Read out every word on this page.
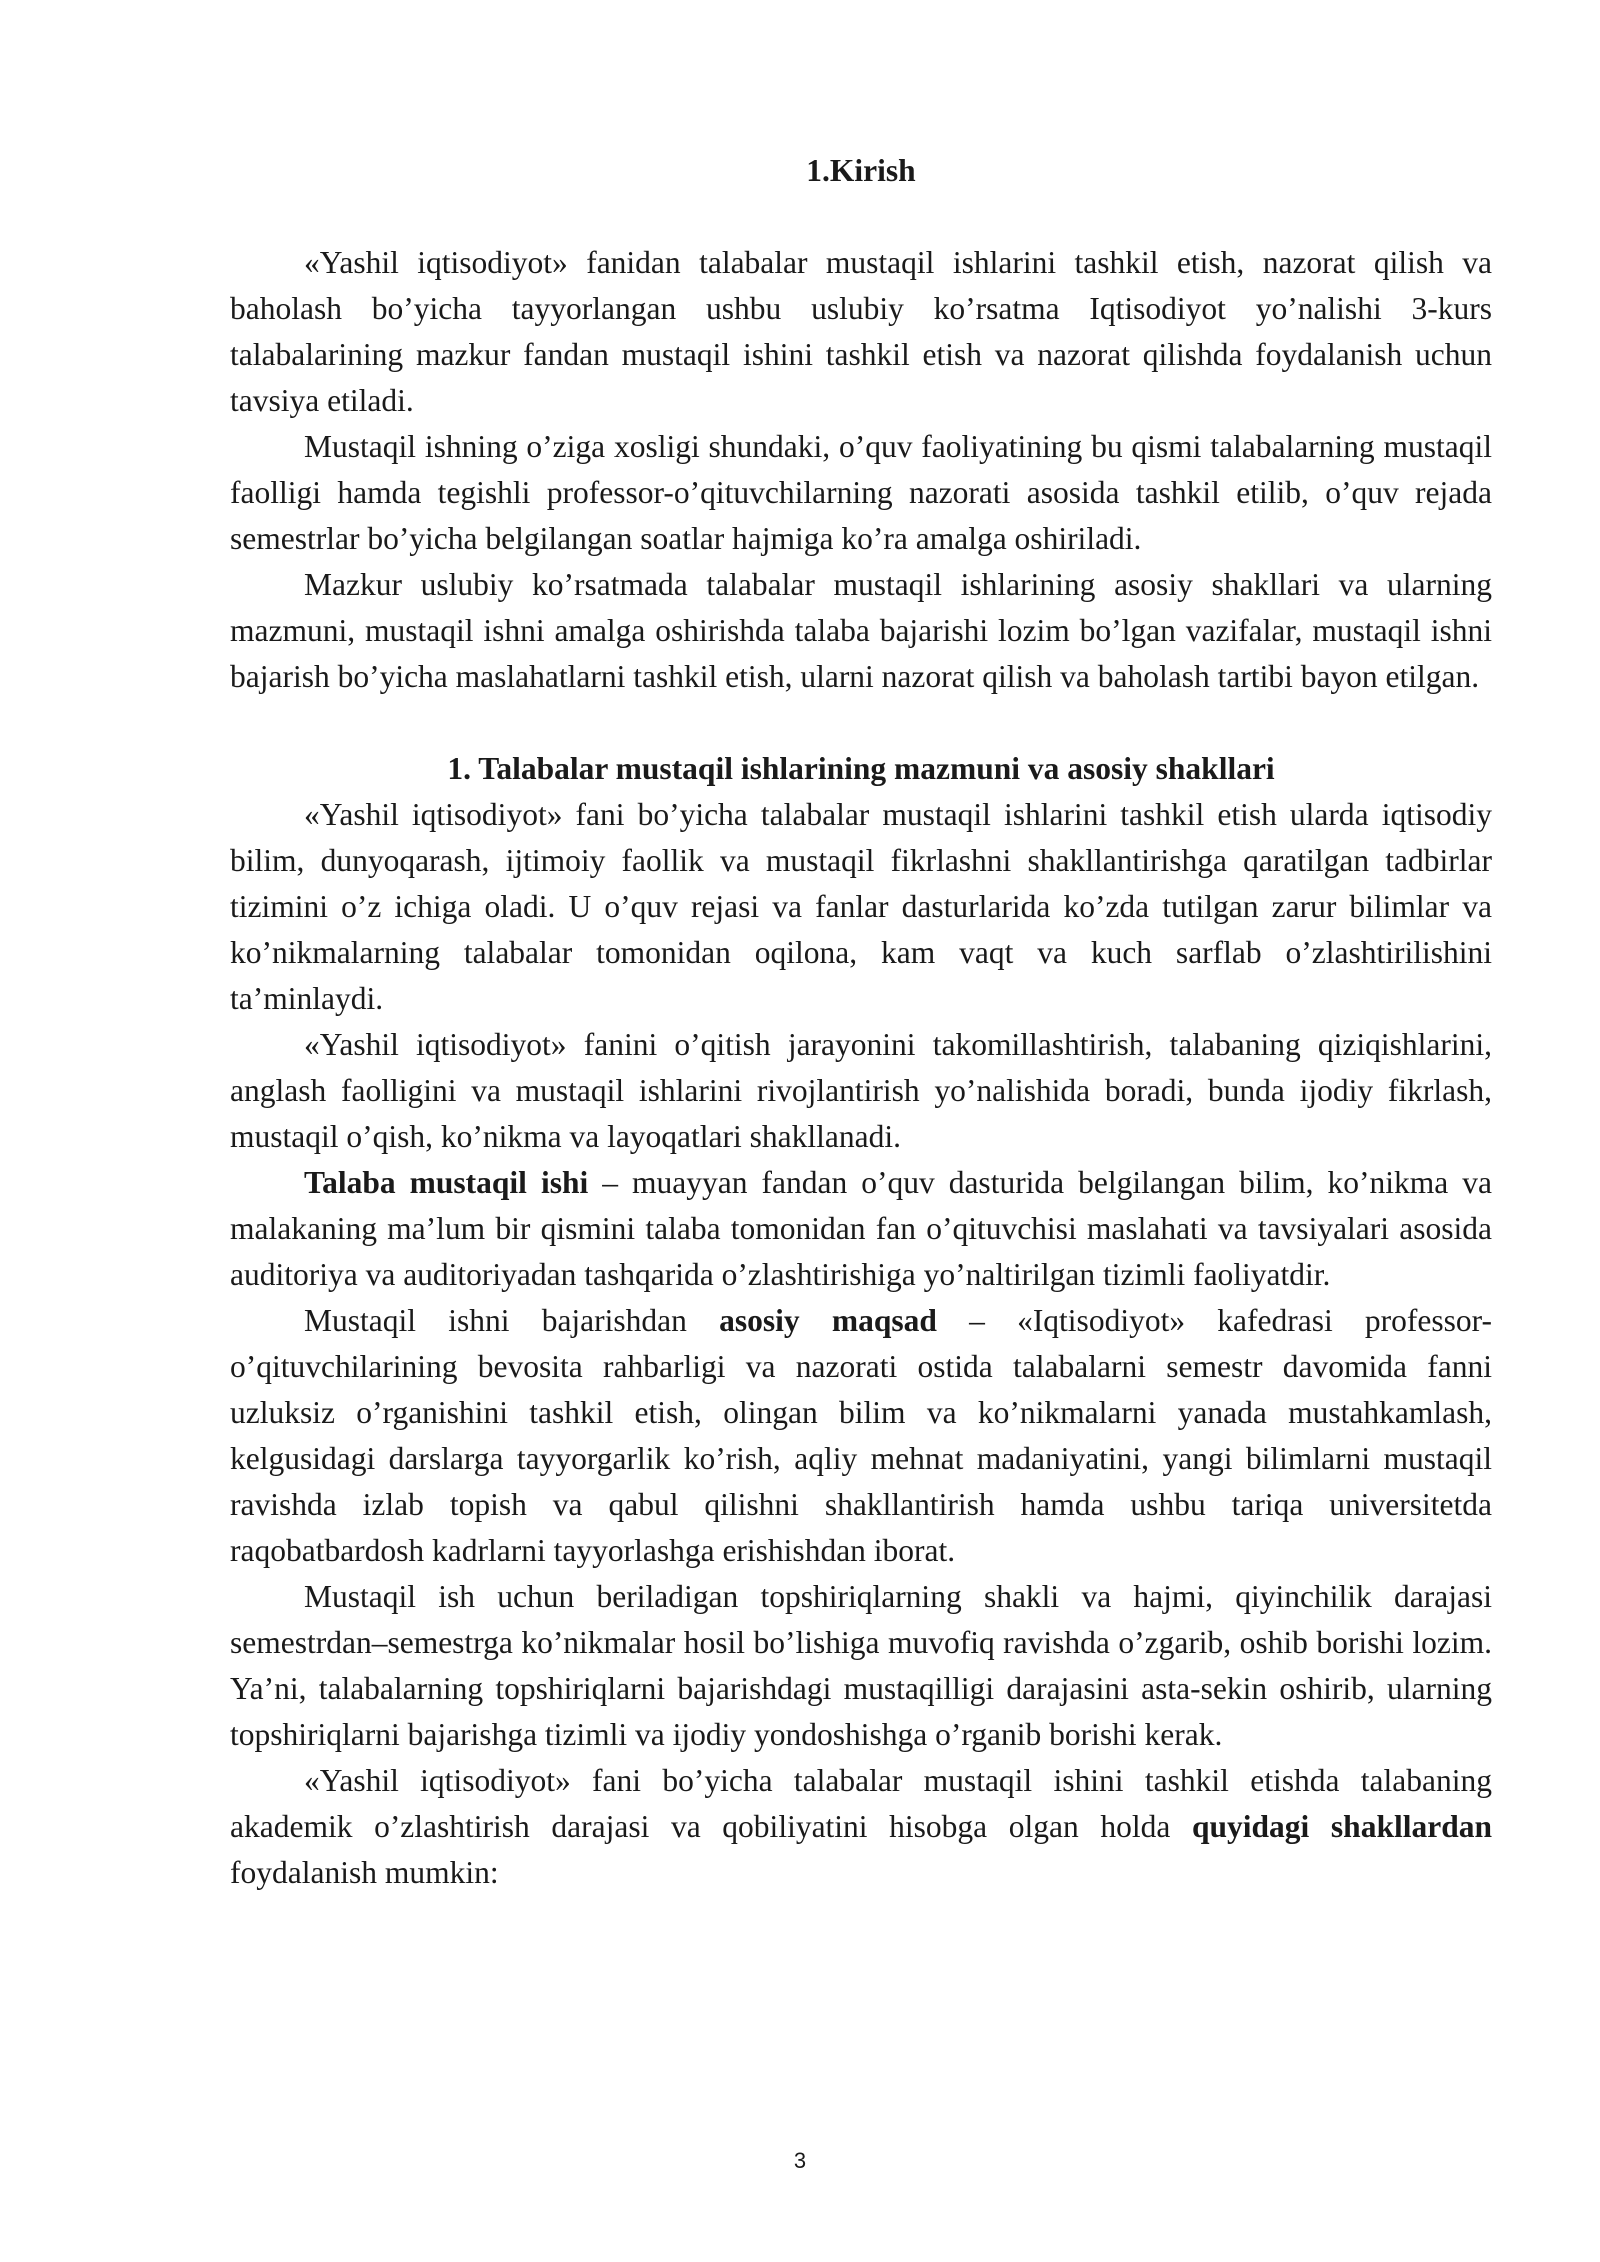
1.Kirish

«Yashil iqtisodiyot» fanidan talabalar mustaqil ishlarini tashkil etish, nazorat qilish va baholash bo’yicha tayyorlangan ushbu uslubiy ko’rsatma Iqtisodiyot yo’nalishi 3-kurs talabalarining mazkur fandan mustaqil ishini tashkil etish va nazorat qilishda foydalanish uchun tavsiya etiladi.

Mustaqil ishning o’ziga xosligi shundaki, o’quv faoliyatining bu qismi talabalarning mustaqil faolligi hamda tegishli professor-o’qituvchilarning nazorati asosida tashkil etilib, o’quv rejada semestrlar bo’yicha belgilangan soatlar hajmiga ko’ra amalga oshiriladi.

Mazkur uslubiy ko’rsatmada talabalar mustaqil ishlarining asosiy shakllari va ularning mazmuni, mustaqil ishni amalga oshirishda talaba bajarishi lozim bo’lgan vazifalar, mustaqil ishni bajarish bo’yicha maslahatlarni tashkil etish, ularni nazorat qilish va baholash tartibi bayon etilgan.

1. Talabalar mustaqil ishlarining mazmuni va asosiy shakllari

«Yashil iqtisodiyot» fani bo’yicha talabalar mustaqil ishlarini tashkil etish ularda iqtisodiy bilim, dunyoqarash, ijtimoiy faollik va mustaqil fikrlashni shakllantirishga qaratilgan tadbirlar tizimini o’z ichiga oladi. U o’quv rejasi va fanlar dasturlarida ko’zda tutilgan zarur bilimlar va ko’nikmalarning talabalar tomonidan oqilona, kam vaqt va kuch sarflab o’zlashtirilishini ta’minlaydi.

«Yashil iqtisodiyot» fanini o’qitish jarayonini takomillashtirish, talabaning qiziqishlarini, anglash faolligini va mustaqil ishlarini rivojlantirish yo’nalishida boradi, bunda ijodiy fikrlash, mustaqil o’qish, ko’nikma va layoqatlari shakllanadi.

Talaba mustaqil ishi – muayyan fandan o’quv dasturida belgilangan bilim, ko’nikma va malakaning ma’lum bir qismini talaba tomonidan fan o’qituvchisi maslahati va tavsiyalari asosida auditoriya va auditoriyadan tashqarida o’zlashtirishiga yo’naltirilgan tizimli faoliyatdir.

Mustaqil ishni bajarishdan asosiy maqsad – «Iqtisodiyot» kafedrasi professor-o’qituvchilarining bevosita rahbarligi va nazorati ostida talabalarni semestr davomida fanni uzluksiz o’rganishini tashkil etish, olingan bilim va ko’nikmalarni yanada mustahkamlash, kelgusidagi darslarga tayyorgarlik ko’rish, aqliy mehnat madaniyatini, yangi bilimlarni mustaqil ravishda izlab topish va qabul qilishni shakllantirish hamda ushbu tariqa universitetda raqobatbardosh kadrlarni tayyorlashga erishishdan iborat.

Mustaqil ish uchun beriladigan topshiriqlarning shakli va hajmi, qiyinchilik darajasi semestrdan–semestrga ko’nikmalar hosil bo’lishiga muvofiq ravishda o’zgarib, oshib borishi lozim. Ya’ni, talabalarning topshiriqlarni bajarishdagi mustaqilligi darajasini asta-sekin oshirib, ularning topshiriqlarni bajarishga tizimli va ijodiy yondoshishga o’rganib borishi kerak.

«Yashil iqtisodiyot» fani bo’yicha talabalar mustaqil ishini tashkil etishda talabaning akademik o’zlashtirish darajasi va qobiliyatini hisobga olgan holda quyidagi shakllardan foydalanish mumkin:

3
